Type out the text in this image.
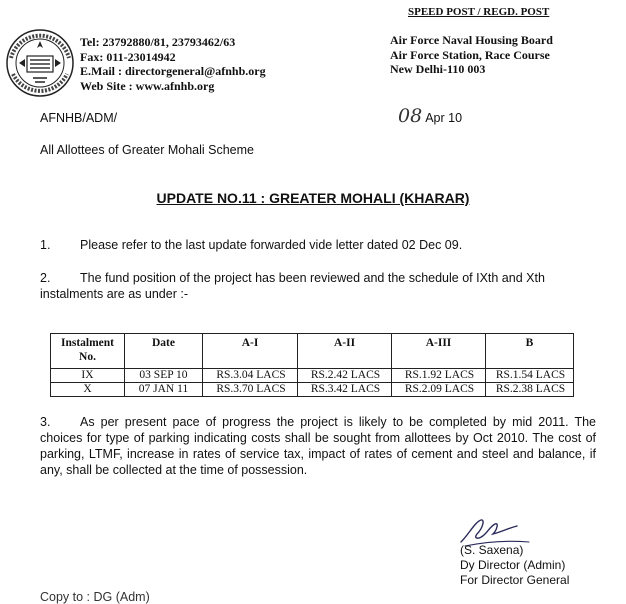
SPEED POST / REGD. POST
Tel: 23792880/81, 23793462/63
Fax: 011-23014942
E.Mail : directorgeneral@afnhb.org
Web Site : www.afnhb.org
Air Force Naval Housing Board
Air Force Station, Race Course
New Delhi-110 003
AFNHB/ADM/	08 Apr 10
All Allottees of Greater Mohali Scheme
UPDATE NO.11 : GREATER MOHALI (KHARAR)
1. Please refer to the last update forwarded vide letter dated 02 Dec 09.
2. The fund position of the project has been reviewed and the schedule of IXth and Xth instalments are as under :-
Instalment
No.	Date	A-I	A-II	A-III	B
IX	03 SEP 10	RS.3.04 LACS	RS.2.42 LACS	RS.1.92 LACS	RS.1.54 LACS
X	07 JAN 11	RS.3.70 LACS	RS.3.42 LACS	RS.2.09 LACS	RS.2.38 LACS
3. As per present pace of progress the project is likely to be completed by mid 2011. The choices for type of parking indicating costs shall be sought from allottees by Oct 2010. The cost of parking, LTMF, increase in rates of service tax, impact of rates of cement and steel and balance, if any, shall be collected at the time of possession.
(S. Saxena)
Dy Director (Admin)
For Director General
Copy to : DG (Adm)
